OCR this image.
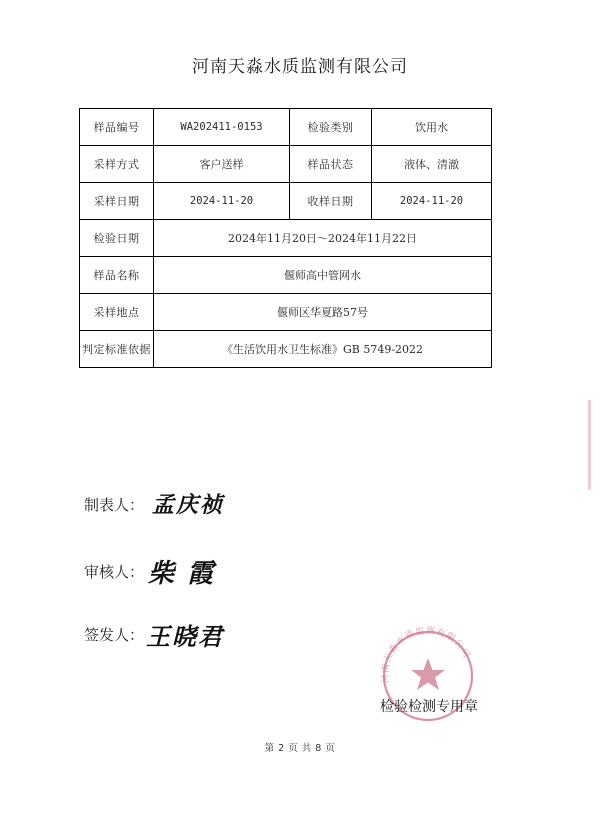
河南天淼水质监测有限公司
样品编号	WA202411-0153	检验类别	饮用水
采样方式	客户送样	样品状态	液体、清澈
采样日期	2024-11-20	收样日期	2024-11-20
检验日期	2024年11月20日～2024年11月22日		
样品名称	偃师高中管网水		
采样地点	偃师区华夏路57号		
判定标准依据	《生活饮用水卫生标准》GB 5749-2022		
制表人： 孟庆祯
审核人： 柴 霞
签发人： 王晓君
河南天淼水质监测有限公司
检验检测专用章
第 2 页 共 8 页
